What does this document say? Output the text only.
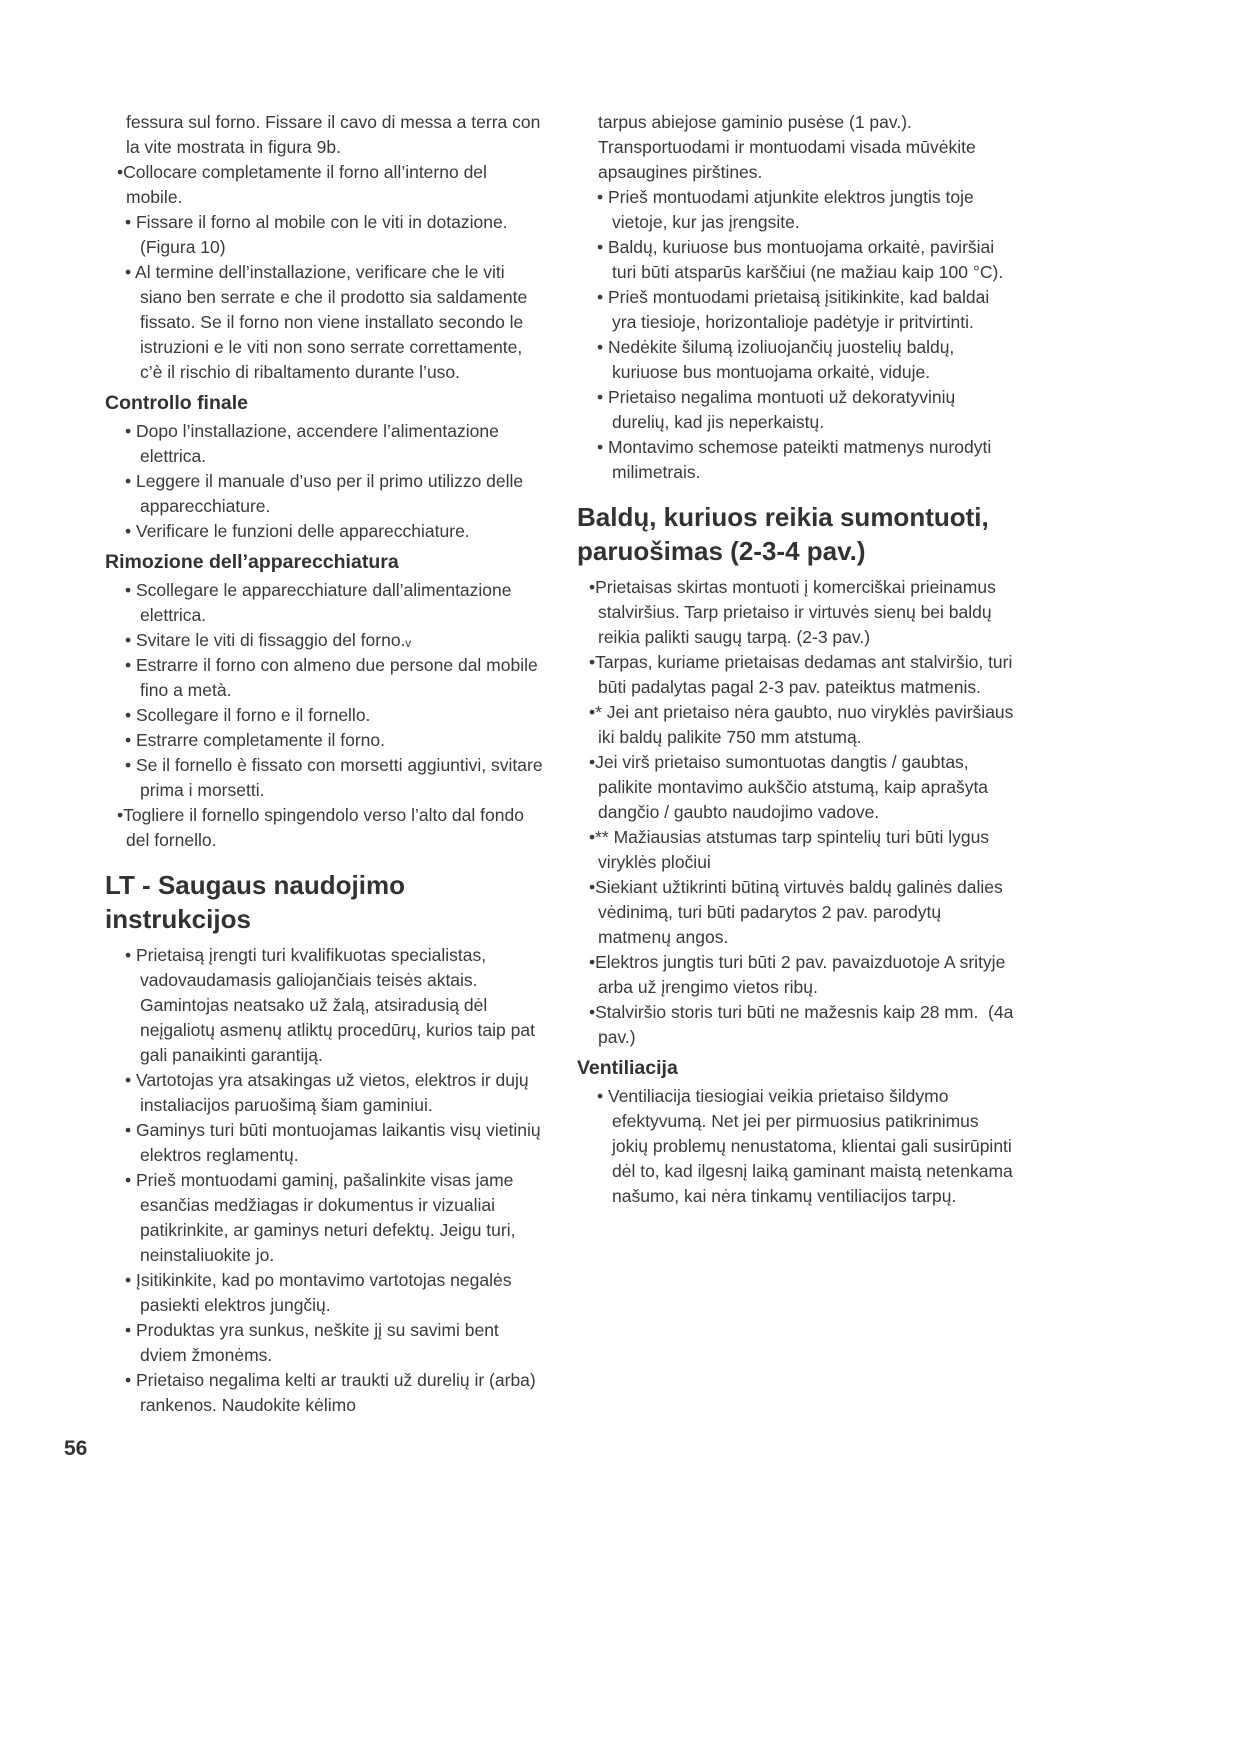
fessura sul forno. Fissare il cavo di messa a terra con la vite mostrata in figura 9b.

•Collocare completamente il forno all’interno del mobile.

• Fissare il forno al mobile con le viti in dotazione. (Figura 10)

• Al termine dell’installazione, verificare che le viti siano ben serrate e che il prodotto sia saldamente fissato. Se il forno non viene installato secondo le istruzioni e le viti non sono serrate correttamente, c’è il rischio di ribaltamento durante l’uso.

Controllo finale

• Dopo l’installazione, accendere l’alimentazione elettrica.

• Leggere il manuale d’uso per il primo utilizzo delle apparecchiature.

• Verificare le funzioni delle apparecchiature.

Rimozione dell’apparecchiatura

• Scollegare le apparecchiature dall’alimentazione elettrica.

• Svitare le viti di fissaggio del forno.ᵥ

• Estrarre il forno con almeno due persone dal mobile fino a metà.

• Scollegare il forno e il fornello.

• Estrarre completamente il forno.

• Se il fornello è fissato con morsetti aggiuntivi, svitare prima i morsetti.

•Togliere il fornello spingendolo verso l’alto dal fondo del fornello.

LT - Saugaus naudojimo instrukcijos

• Prietaisą įrengti turi kvalifikuotas specialistas, vadovaudamasis galiojančiais teisės aktais. Gamintojas neatsako už žalą, atsiradusią dėl neįgaliotų asmenų atliktų procedūrų, kurios taip pat gali panaikinti garantiją.

• Vartotojas yra atsakingas už vietos, elektros ir dujų instaliacijos paruošimą šiam gaminiui.

• Gaminys turi būti montuojamas laikantis visų vietinių elektros reglamentų.

• Prieš montuodami gaminį, pašalinkite visas jame esančias medžiagas ir dokumentus ir vizualiai patikrinkite, ar gaminys neturi defektų. Jeigu turi, neinstaliuokite jo.

• Įsitikinkite, kad po montavimo vartotojas negalės pasiekti elektros jungčių.

• Produktas yra sunkus, neškite jį su savimi bent dviem žmonėms.

• Prietaiso negalima kelti ar traukti už durelių ir (arba) rankenos. Naudokite kėlimo

tarpus abiejose gaminio pusėse (1 pav.). Transportuodami ir montuodami visada mūvėkite apsaugines pirštines.

• Prieš montuodami atjunkite elektros jungtis toje vietoje, kur jas įrengsite.

• Baldų, kuriuose bus montuojama orkaitė, paviršiai turi būti atsparūs karščiui (ne mažiau kaip 100 °C).

• Prieš montuodami prietaisą įsitikinkite, kad baldai yra tiesioje, horizontalioje padėtyje ir pritvirtinti.

• Nedėkite šilumą izoliuojančių juostelių baldų, kuriuose bus montuojama orkaitė, viduje.

• Prietaiso negalima montuoti už dekoratyvinių durelių, kad jis neperkaistų.

• Montavimo schemose pateikti matmenys nurodyti milimetrais.

Baldų, kuriuos reikia sumontuoti, paruošimas (2-3-4 pav.)

•Prietaisas skirtas montuoti į komerciškai prieinamus stalviršius. Tarp prietaiso ir virtuvės sienų bei baldų reikia palikti saugų tarpą. (2-3 pav.)

•Tarpas, kuriame prietaisas dedamas ant stalviršio, turi būti padalytas pagal 2-3 pav. pateiktus matmenis.

•* Jei ant prietaiso nėra gaubto, nuo viryklės paviršiaus iki baldų palikite 750 mm atstumą.

•Jei virš prietaiso sumontuotas dangtis / gaubtas, palikite montavimo aukščio atstumą, kaip aprašyta dangčio / gaubto naudojimo vadove.

•** Mažiausias atstumas tarp spintelių turi būti lygus viryklės pločiui

•Siekiant užtikrinti būtiną virtuvės baldų galinės dalies vėdinimą, turi būti padarytos 2 pav. parodytų matmenų angos.

•Elektros jungtis turi būti 2 pav. pavaizduotoje A srityje arba už įrengimo vietos ribų.

•Stalviršio storis turi būti ne mažesnis kaip 28 mm.  (4a pav.)

Ventiliacija

• Ventiliacija tiesiogiai veikia prietaiso šildymo efektyvumą. Net jei per pirmuosius patikrinimus jokių problemų nenustatoma, klientai gali susirūpinti dėl to, kad ilgesnį laiką gaminant maistą netenkama našumo, kai nėra tinkamų ventiliacijos tarpų.

56
